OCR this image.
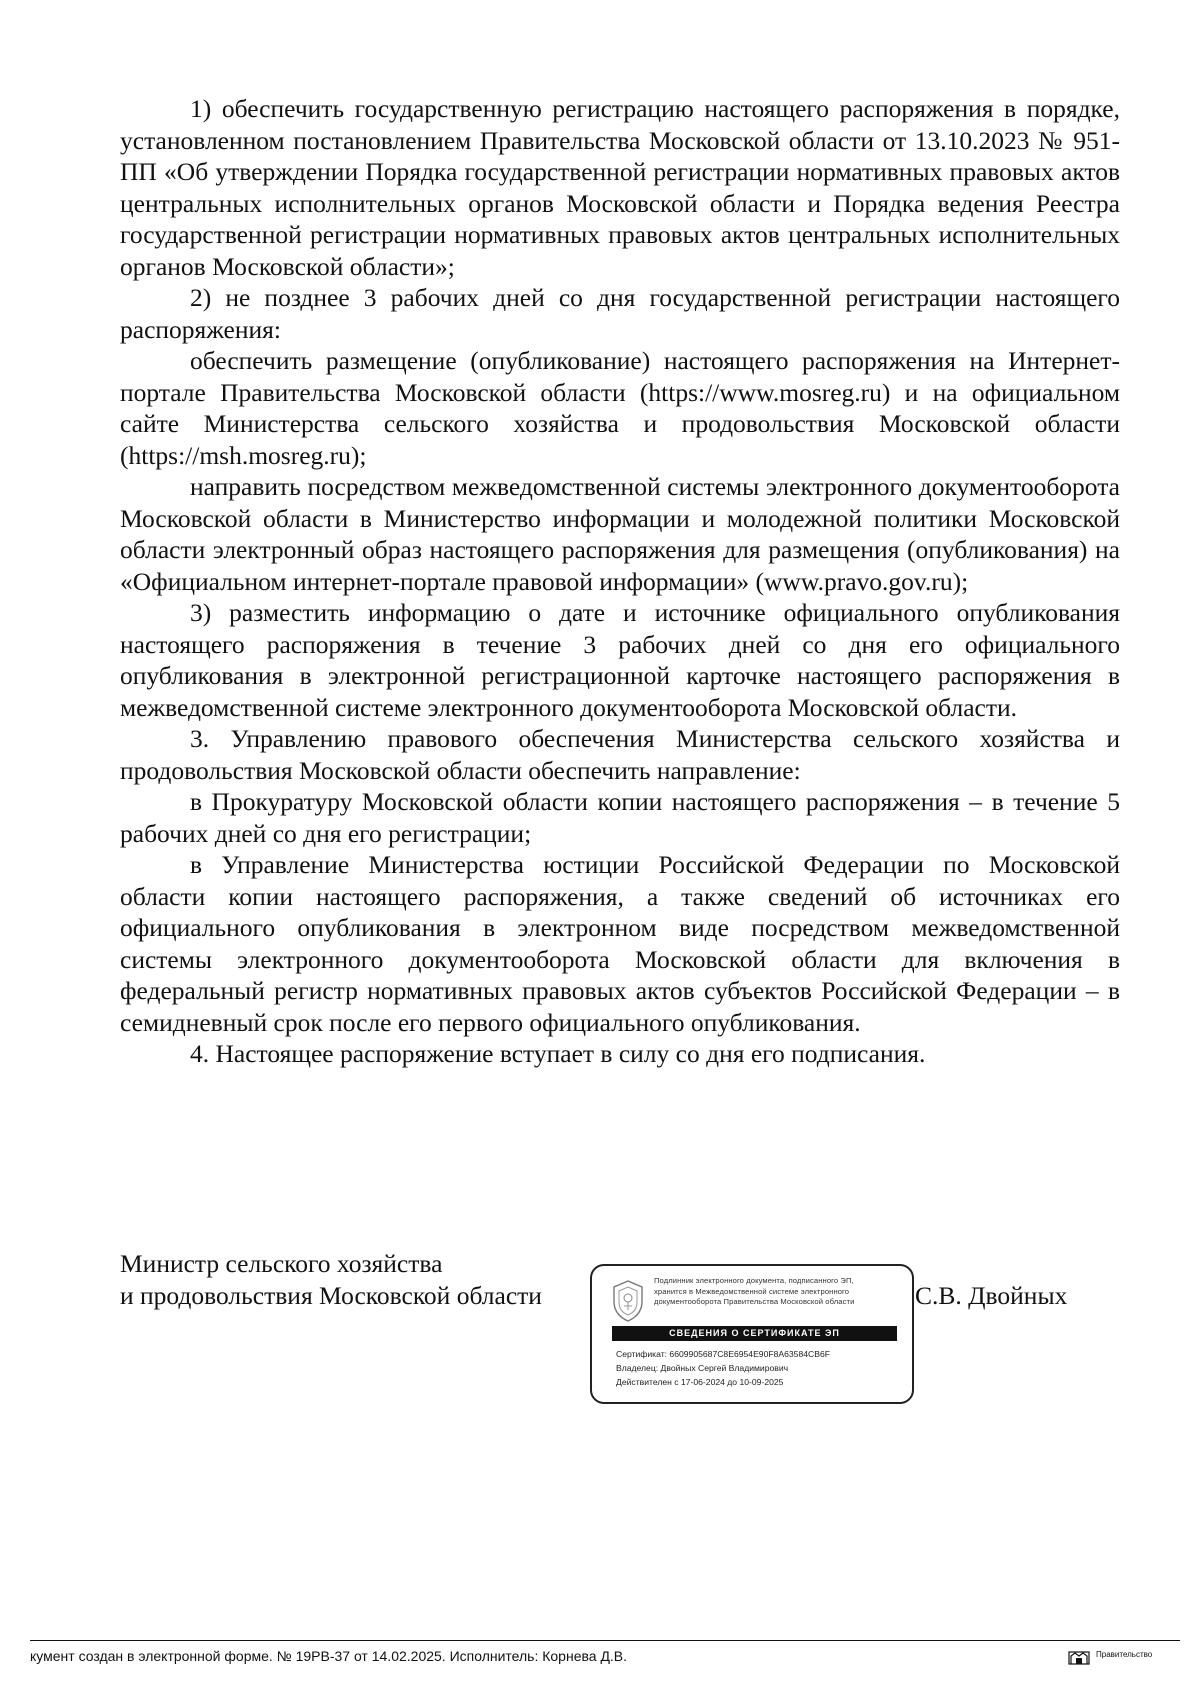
1) обеспечить государственную регистрацию настоящего распоряжения в порядке, установленном постановлением Правительства Московской области от 13.10.2023 № 951-ПП «Об утверждении Порядка государственной регистрации нормативных правовых актов центральных исполнительных органов Московской области и Порядка ведения Реестра государственной регистрации нормативных правовых актов центральных исполнительных органов Московской области»;

2) не позднее 3 рабочих дней со дня государственной регистрации настоящего распоряжения:

обеспечить размещение (опубликование) настоящего распоряжения на Интернет-портале Правительства Московской области (https://www.mosreg.ru) и на официальном сайте Министерства сельского хозяйства и продовольствия Московской области (https://msh.mosreg.ru);

направить посредством межведомственной системы электронного документооборота Московской области в Министерство информации и молодежной политики Московской области электронный образ настоящего распоряжения для размещения (опубликования) на «Официальном интернет-портале правовой информации» (www.pravo.gov.ru);

3) разместить информацию о дате и источнике официального опубликования настоящего распоряжения в течение 3 рабочих дней со дня его официального опубликования в электронной регистрационной карточке настоящего распоряжения в межведомственной системе электронного документооборота Московской области.

3. Управлению правового обеспечения Министерства сельского хозяйства и продовольствия Московской области обеспечить направление:

в Прокуратуру Московской области копии настоящего распоряжения – в течение 5 рабочих дней со дня его регистрации;

в Управление Министерства юстиции Российской Федерации по Московской области копии настоящего распоряжения, а также сведений об источниках его официального опубликования в электронном виде посредством межведомственной системы электронного документооборота Московской области для включения в федеральный регистр нормативных правовых актов субъектов Российской Федерации – в семидневный срок после его первого официального опубликования.

4. Настоящее распоряжение вступает в силу со дня его подписания.

Министр сельского хозяйства
и продовольствия Московской области	Подлинник электронного документа, подписанного ЭП,
хранится в Межведомственной системе электронного
документооборота Правительства Московской области
СВЕДЕНИЯ О СЕРТИФИКАТЕ ЭП
Сертификат: 6609905687C8E6954E90F8A63584CB6F
Владелец: Двойных Сергей Владимирович
Действителен с 17-06-2024 до 10-09-2025
С.В. Двойных
кумент создан в электронной форме. № 19РВ-37 от 14.02.2025. Исполнитель: Корнева Д.В.	Правительство
